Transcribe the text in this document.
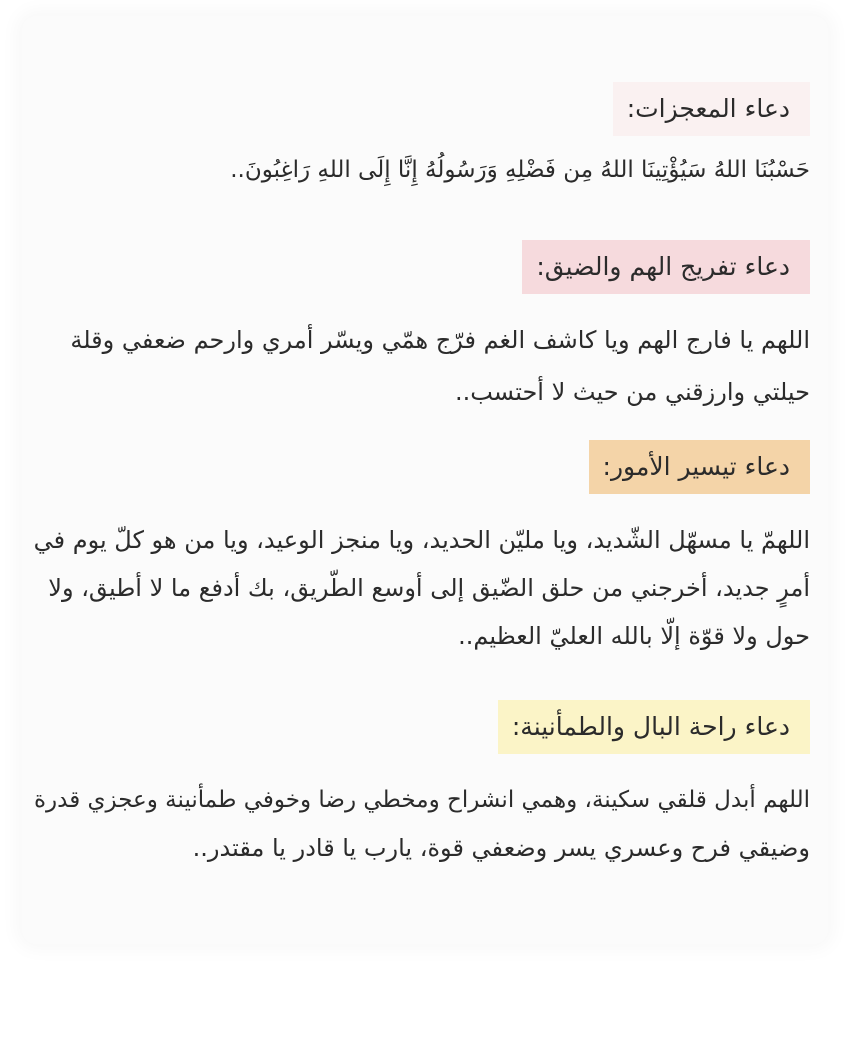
دعاء المعجزات:
حَسْبُنَا اللهُ سَيُؤْتِينَا اللهُ مِن فَضْلِهِ وَرَسُولُهُ إِنَّا إِلَى اللهِ رَاغِبُونَ..
دعاء تفريج الهم والضيق:
اللهم يا فارج الهم ويا كاشف الغم فرّج همّي ويسّر أمري وارحم ضعفي وقلة
حيلتي وارزقني من حيث لا أحتسب..
دعاء تيسير الأمور:
اللهمّ يا مسهّل الشّديد، ويا مليّن الحديد، ويا منجز الوعيد، ويا من هو كلّ يوم في
أمرٍ جديد، أخرجني من حلق الضّيق إلى أوسع الطّريق، بك أدفع ما لا أطيق، ولا
حول ولا قوّة إلّا بالله العليّ العظيم..
دعاء راحة البال والطمأنينة:
اللهم أبدل قلقي سكينة، وهمي انشراح ومخطي رضا وخوفي طمأنينة وعجزي قدرة
وضيقي فرح وعسري يسر وضعفي قوة، يارب يا قادر يا مقتدر..
